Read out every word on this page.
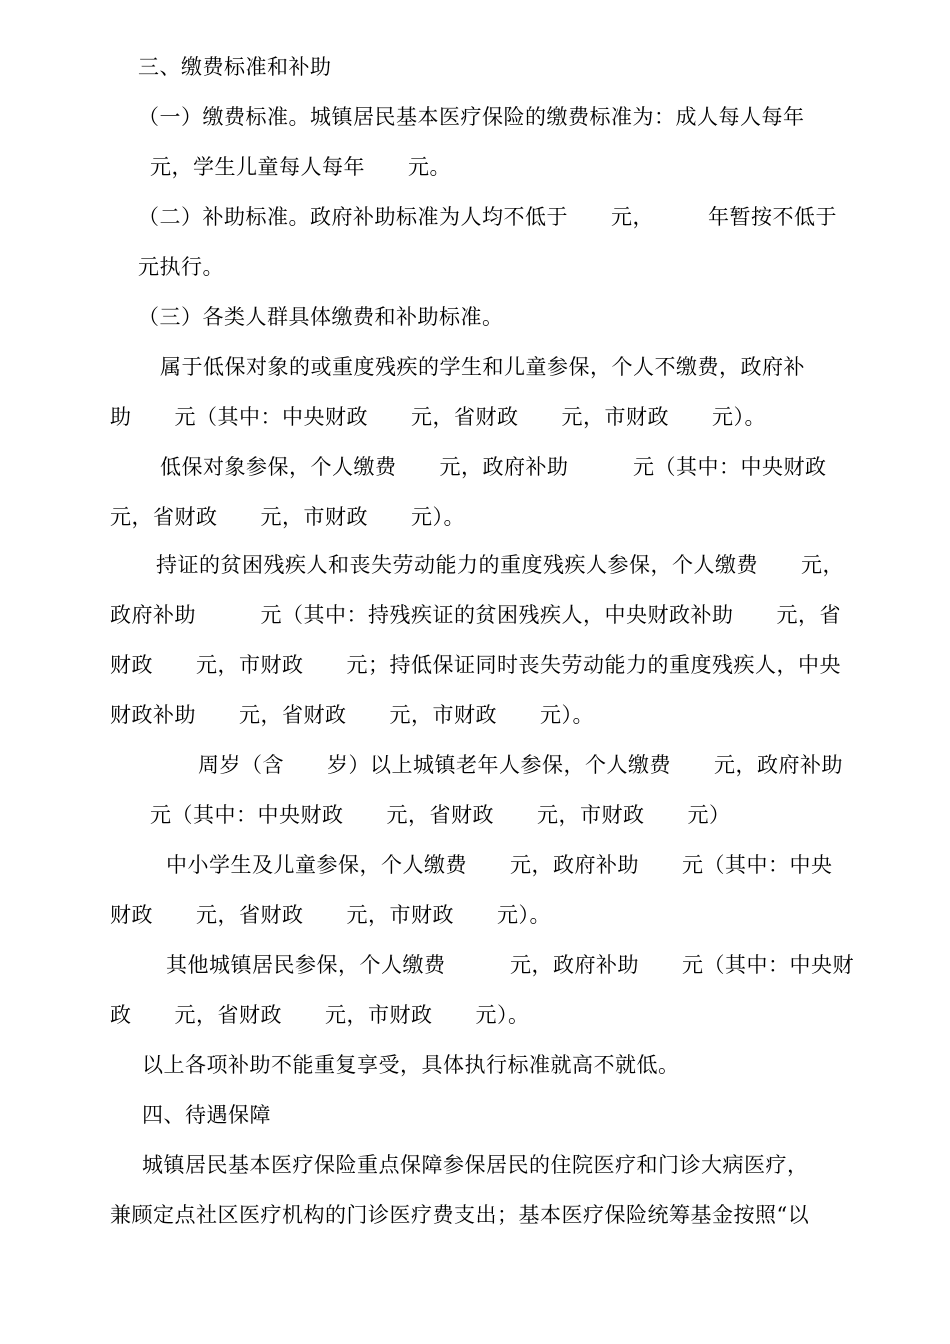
三、缴费标准和补助
（一）缴费标准。城镇居民基本医疗保险的缴费标准为：成人每人每年
元，学生儿童每人每年　　元。
（二）补助标准。政府补助标准为人均不低于　　元，　　　年暂按不低于
元执行。
（三）各类人群具体缴费和补助标准。
属于低保对象的或重度残疾的学生和儿童参保，个人不缴费，政府补
助　　元（其中：中央财政　　元，省财政　　元，市财政　　元）。
低保对象参保，个人缴费　　元，政府补助　　　元（其中：中央财政
元，省财政　　元，市财政　　元）。
持证的贫困残疾人和丧失劳动能力的重度残疾人参保，个人缴费　　元，
政府补助　　　元（其中：持残疾证的贫困残疾人，中央财政补助　　元，省
财政　　元，市财政　　元；持低保证同时丧失劳动能力的重度残疾人，中央
财政补助　　元，省财政　　元，市财政　　元）。
周岁（含　　岁）以上城镇老年人参保，个人缴费　　元，政府补助
元（其中：中央财政　　元，省财政　　元，市财政　　元）
中小学生及儿童参保，个人缴费　　元，政府补助　　元（其中：中央
财政　　元，省财政　　元，市财政　　元）。
其他城镇居民参保，个人缴费　　　元，政府补助　　元（其中：中央财
政　　元，省财政　　元，市财政　　元）。
以上各项补助不能重复享受，具体执行标准就高不就低。
四、待遇保障
城镇居民基本医疗保险重点保障参保居民的住院医疗和门诊大病医疗，
兼顾定点社区医疗机构的门诊医疗费支出；基本医疗保险统筹基金按照“以
